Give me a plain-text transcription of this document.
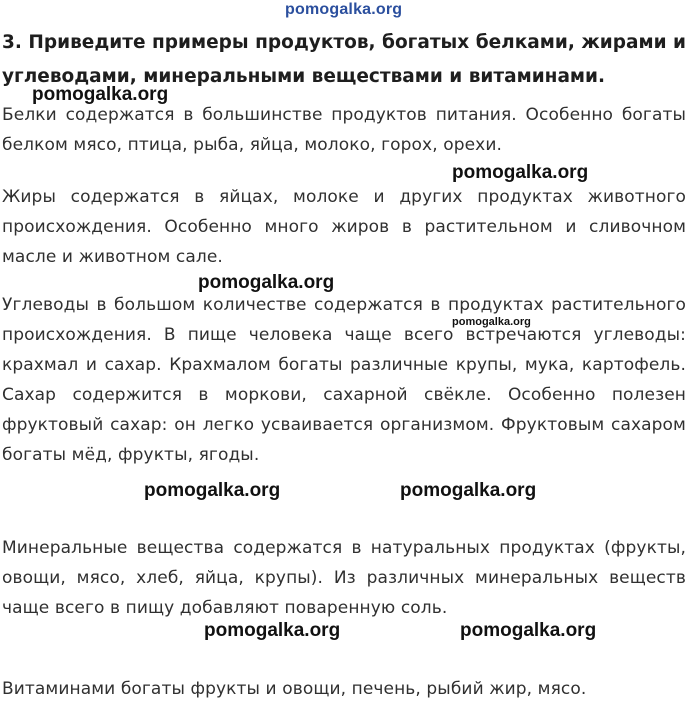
pomogalka.org
3. Приведите примеры продуктов, богатых белками, жирами и углеводами, минеральными веществами и витаминами.
Белки содержатся в большинстве продуктов питания. Особенно богаты белком мясо, птица, рыба, яйца, молоко, горох, орехи.
Жиры содержатся в яйцах, молоке и других продуктах животного происхождения. Особенно много жиров в растительном и сливочном масле и животном сале.
Углеводы в большом количестве содержатся в продуктах растительного происхождения. В пище человека чаще всего встречаются углеводы: крахмал и сахар. Крахмалом богаты различные крупы, мука, картофель. Сахар содержится в моркови, сахарной свёкле. Особенно полезен фруктовый сахар: он легко усваивается организмом. Фруктовым сахаром богаты мёд, фрукты, ягоды.
Минеральные вещества содержатся в натуральных продуктах (фрукты, овощи, мясо, хлеб, яйца, крупы). Из различных минеральных веществ чаще всего в пищу добавляют поваренную соль.
Витаминами богаты фрукты и овощи, печень, рыбий жир, мясо.
pomogalka.org
pomogalka.org
pomogalka.org
pomogalka.org
pomogalka.org	pomogalka.org
pomogalka.org	pomogalka.org
